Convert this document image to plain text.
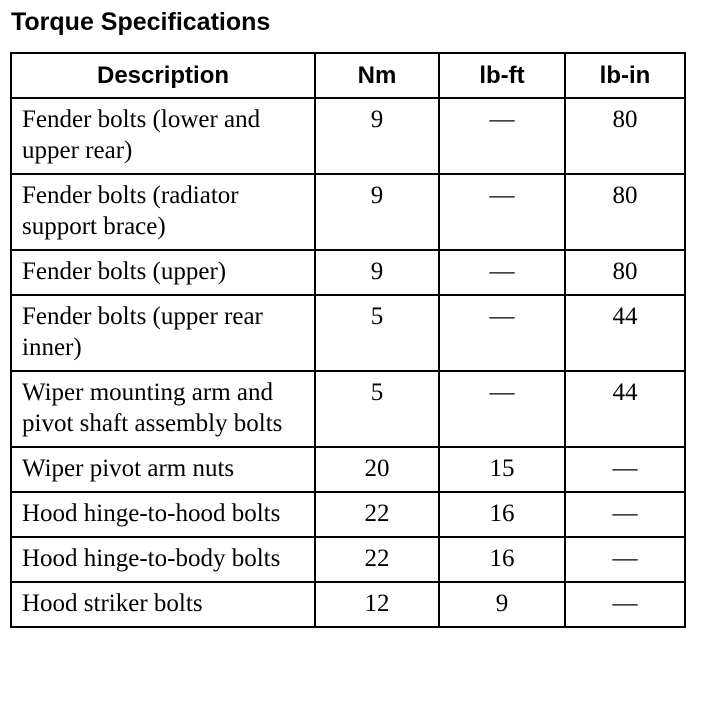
Torque Specifications
Description	Nm	lb-ft	lb-in
Fender bolts (lower and upper rear)	9	—	80
Fender bolts (radiator support brace)	9	—	80
Fender bolts (upper)	9	—	80
Fender bolts (upper rear inner)	5	—	44
Wiper mounting arm and pivot shaft assembly bolts	5	—	44
Wiper pivot arm nuts	20	15	—
Hood hinge-to-hood bolts	22	16	—
Hood hinge-to-body bolts	22	16	—
Hood striker bolts	12	9	—
